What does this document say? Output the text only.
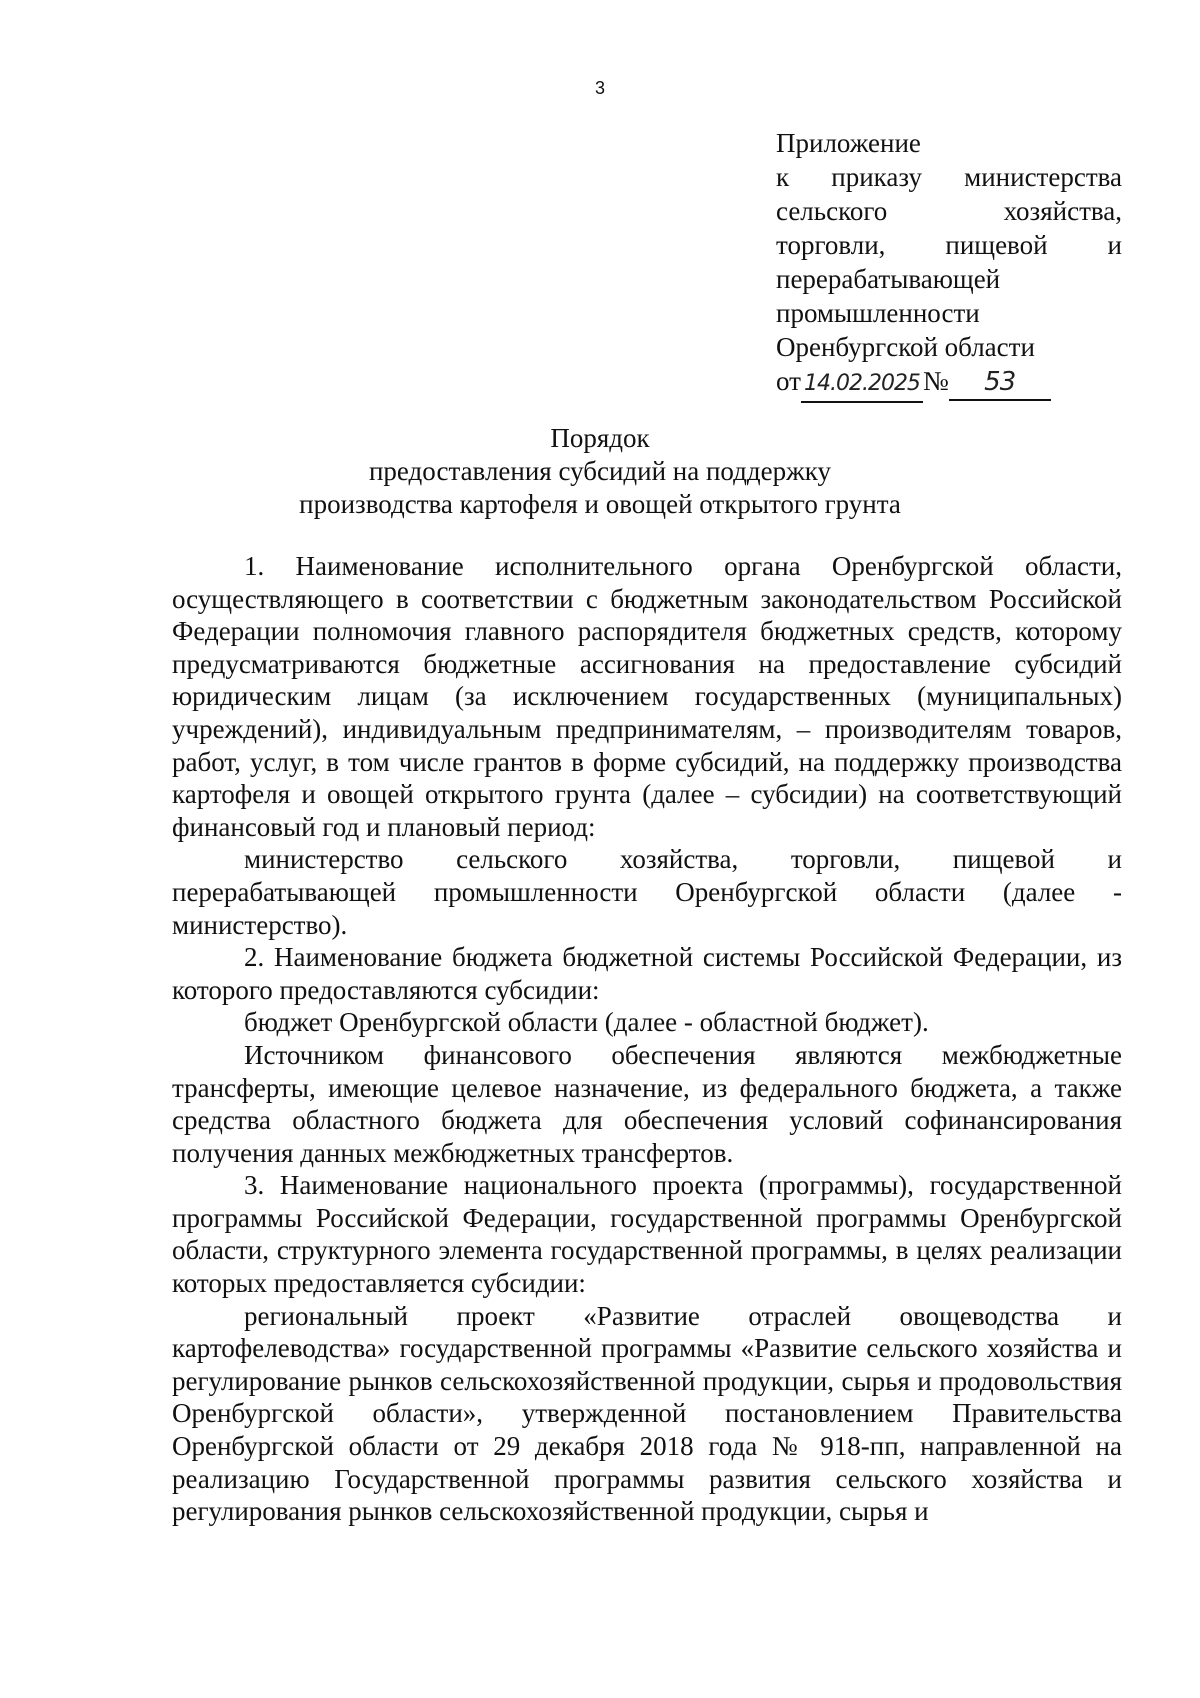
3
Приложение
к приказу министерства
сельского хозяйства,
торговли, пищевой и
перерабатывающей
промышленности
Оренбургской области
от 14.02.2025 №	53
Порядок
предоставления субсидий на поддержку
производства картофеля и овощей открытого грунта

1. Наименование исполнительного органа Оренбургской области, осуществляющего в соответствии с бюджетным законодательством Российской Федерации полномочия главного распорядителя бюджетных средств, которому предусматриваются бюджетные ассигнования на предоставление субсидий юридическим лицам (за исключением государственных (муниципальных) учреждений), индивидуальным предпринимателям, – производителям товаров, работ, услуг, в том числе грантов в форме субсидий, на поддержку производства картофеля и овощей открытого грунта (далее – субсидии) на соответствующий финансовый год и плановый период:

министерство сельского хозяйства, торговли, пищевой и перерабатывающей промышленности Оренбургской области (далее - министерство).

2. Наименование бюджета бюджетной системы Российской Федерации, из которого предоставляются субсидии:

бюджет Оренбургской области (далее - областной бюджет).

Источником финансового обеспечения являются межбюджетные трансферты, имеющие целевое назначение, из федерального бюджета, а также средства областного бюджета для обеспечения условий софинансирования получения данных межбюджетных трансфертов.

3. Наименование национального проекта (программы), государственной программы Российской Федерации, государственной программы Оренбургской области, структурного элемента государственной программы, в целях реализации которых предоставляется субсидии:

региональный проект «Развитие отраслей овощеводства и картофелеводства» государственной программы «Развитие сельского хозяйства и регулирование рынков сельскохозяйственной продукции, сырья и продовольствия Оренбургской области», утвержденной постановлением Правительства Оренбургской области от 29 декабря 2018 года № 918-пп, направленной на реализацию Государственной программы развития сельского хозяйства и регулирования рынков сельскохозяйственной продукции, сырья и
